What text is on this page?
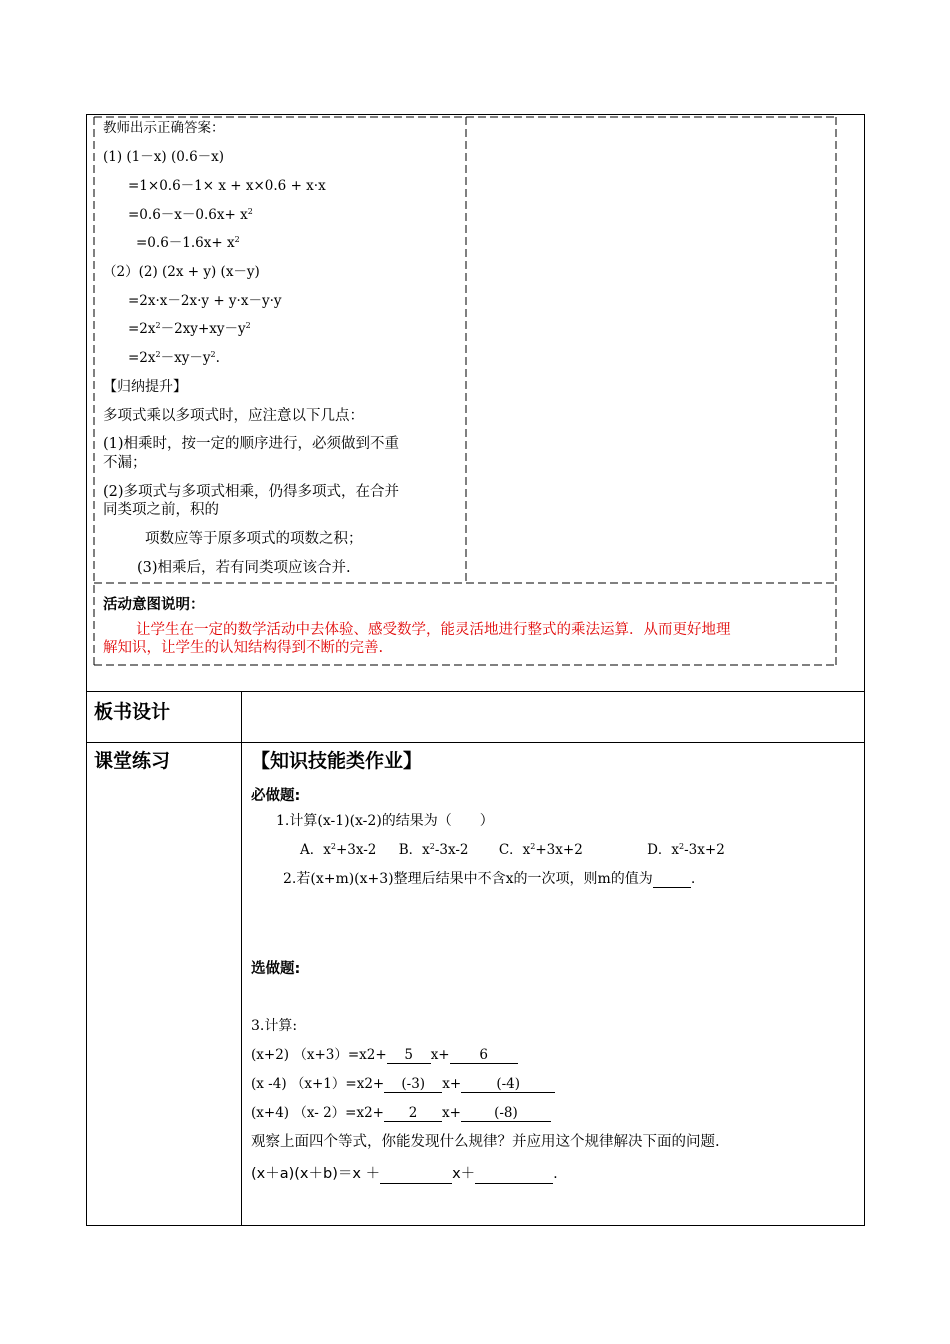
教师出示正确答案：
(1) (1－x) (0.6－x)
=1×0.6－1× x + x×0.6 + x·x
$=0.6-x-0.6x+ x^2$
$=0.6-1.6x+ x^2$
（2）(2) (2x + y) (x－y)
=2x·x－2x·y + y·x－y·y
$=2x^2-2xy+xy-y^2$
$=2x^2-xy-y^2$.
【归纳提升】
多项式乘以多项式时，应注意以下几点：
(1)相乘时，按一定的顺序进行，必须做到不重
不漏；
(2)多项式与多项式相乘，仍得多项式，在合并
同类项之前，积的
项数应等于原多项式的项数之积；
(3)相乘后，若有同类项应该合并.
活动意图说明：
让学生在一定的数学活动中去体验、感受数学，能灵活地进行整式的乘法运算．从而更好地理
解知识，让学生的认知结构得到不断的完善.
板书设计
课堂练习	【知识技能类作业】
必做题:
1.计算(x-1)(x-2)的结果为（　　）
A．$x^2+3x-2$ B．$x^2-3x-2$ C．$x^2+3x+2$	D．$x^2-3x+2$
2.若(x+m)(x+3)整理后结果中不含x的一次项，则m的值为	.
选做题:
3.计算:
(x+2) （x+3）=x2+ 5 x+ 6
(x -4) （x+1）=x2+ (-3) x+	(-4)
(x+4) （x- 2）=x2+ 2 x+ (-8)
观察上面四个等式，你能发现什么规律？并应用这个规律解决下面的问题.
(x＋a)(x＋b)＝x ＋	x＋	.
